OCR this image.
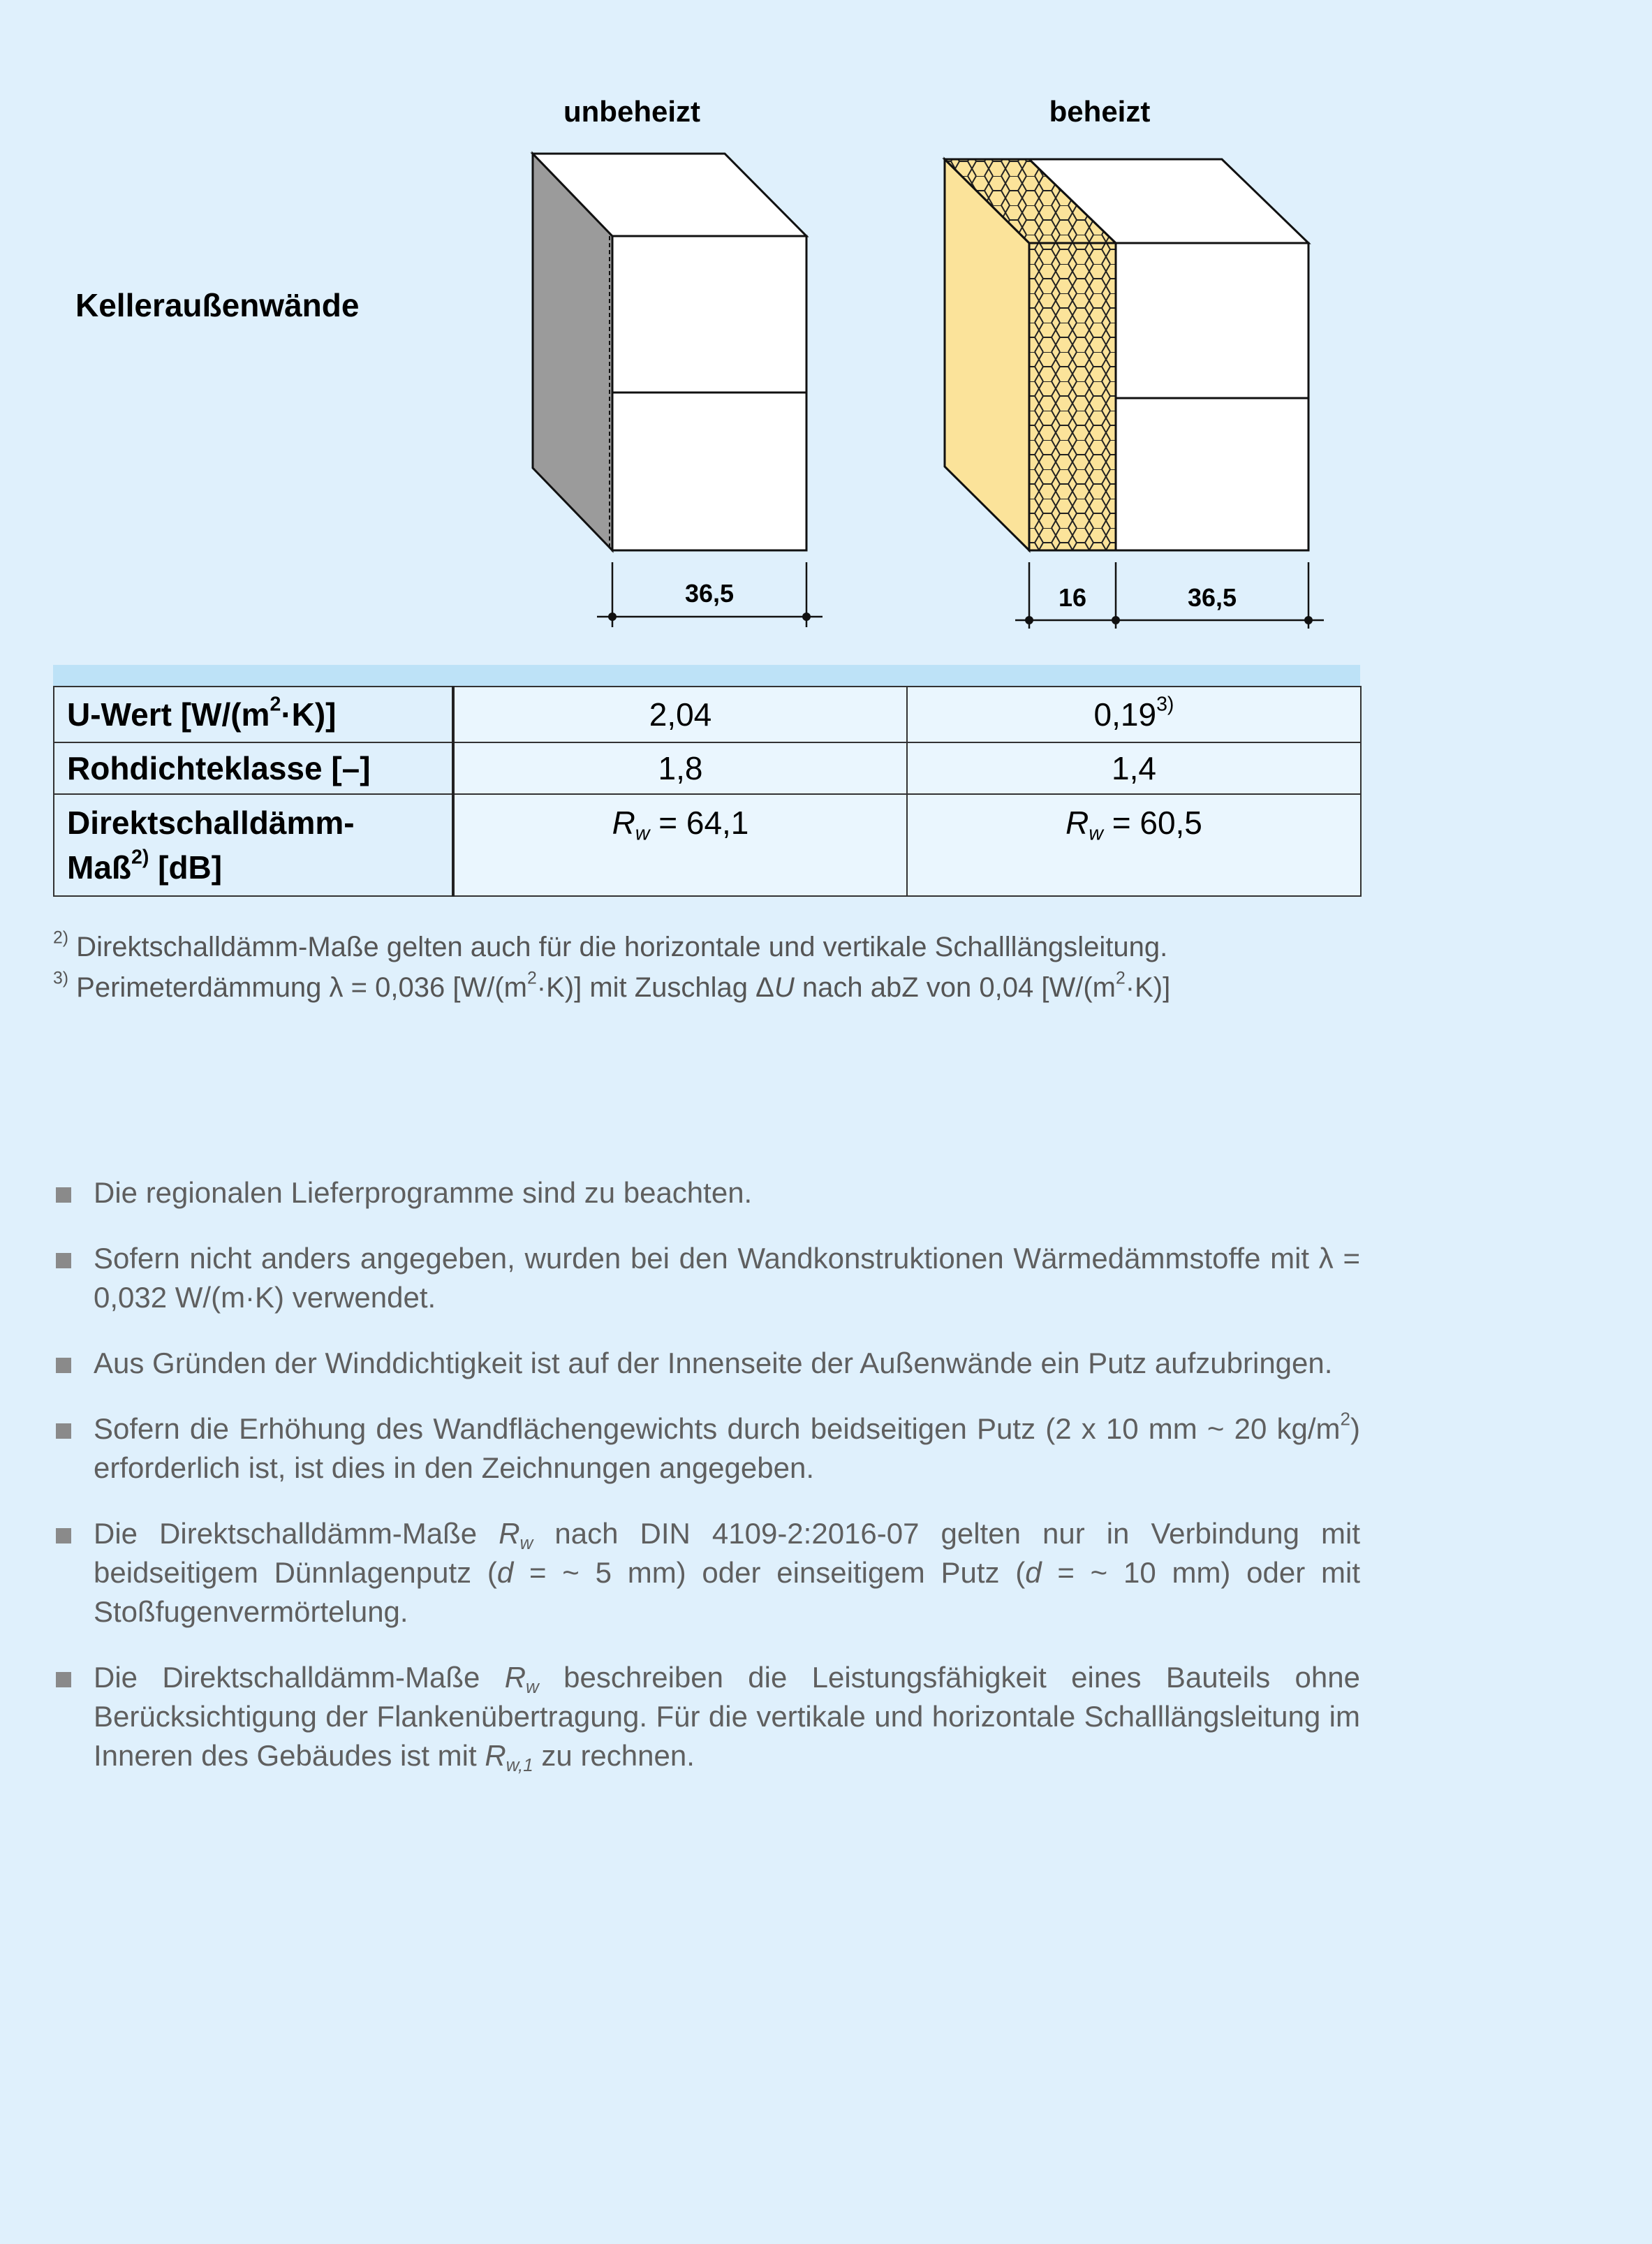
unbeheizt	beheizt
Kelleraußenwände
36,5	16	36,5
U-Wert $[W/(m^2\cdot K)]$	2,04	0,19$^{3)}$
Rohdichteklasse [–]	1,8	1,4
Direktschalldämm-
Maß$^{2)}$ [dB]	$R_w = 64,1$	$R_w = 60,5$
$^{2)}$ Direktschalldämm-Maße gelten auch für die horizontale und vertikale Schalllängsleitung.
$^{3)}$ Perimeterdämmung λ = 0,036 $[W/(m^2\cdot K)]$ mit Zuschlag ΔU nach abZ von 0,04 $[W/(m^2\cdot K)]$
Die regionalen Lieferprogramme sind zu beachten.
Sofern nicht anders angegeben, wurden bei den Wandkonstruktionen Wärmedämmstoffe mit λ = 0,032 W/(m·K) verwendet.
Aus Gründen der Winddichtigkeit ist auf der Innenseite der Außenwände ein Putz aufzubringen.
Sofern die Erhöhung des Wandflächengewichts durch beidseitigen Putz (2 x 10 mm ~ 20 $kg/m^2$) erforderlich ist, ist dies in den Zeichnungen angegeben.
Die Direktschalldämm-Maße $R_w$ nach DIN 4109-2:2016-07 gelten nur in Verbindung mit beidseitigem Dünnlagenputz (d = ~ 5 mm) oder einseitigem Putz (d = ~ 10 mm) oder mit Stoßfugenvermörtelung.
Die Direktschalldämm-Maße $R_w$ beschreiben die Leistungsfähigkeit eines Bauteils ohne Berücksichtigung der Flankenübertragung. Für die vertikale und horizontale Schalllängsleitung im Inneren des Gebäudes ist mit $R_{w,1}$ zu rechnen.
